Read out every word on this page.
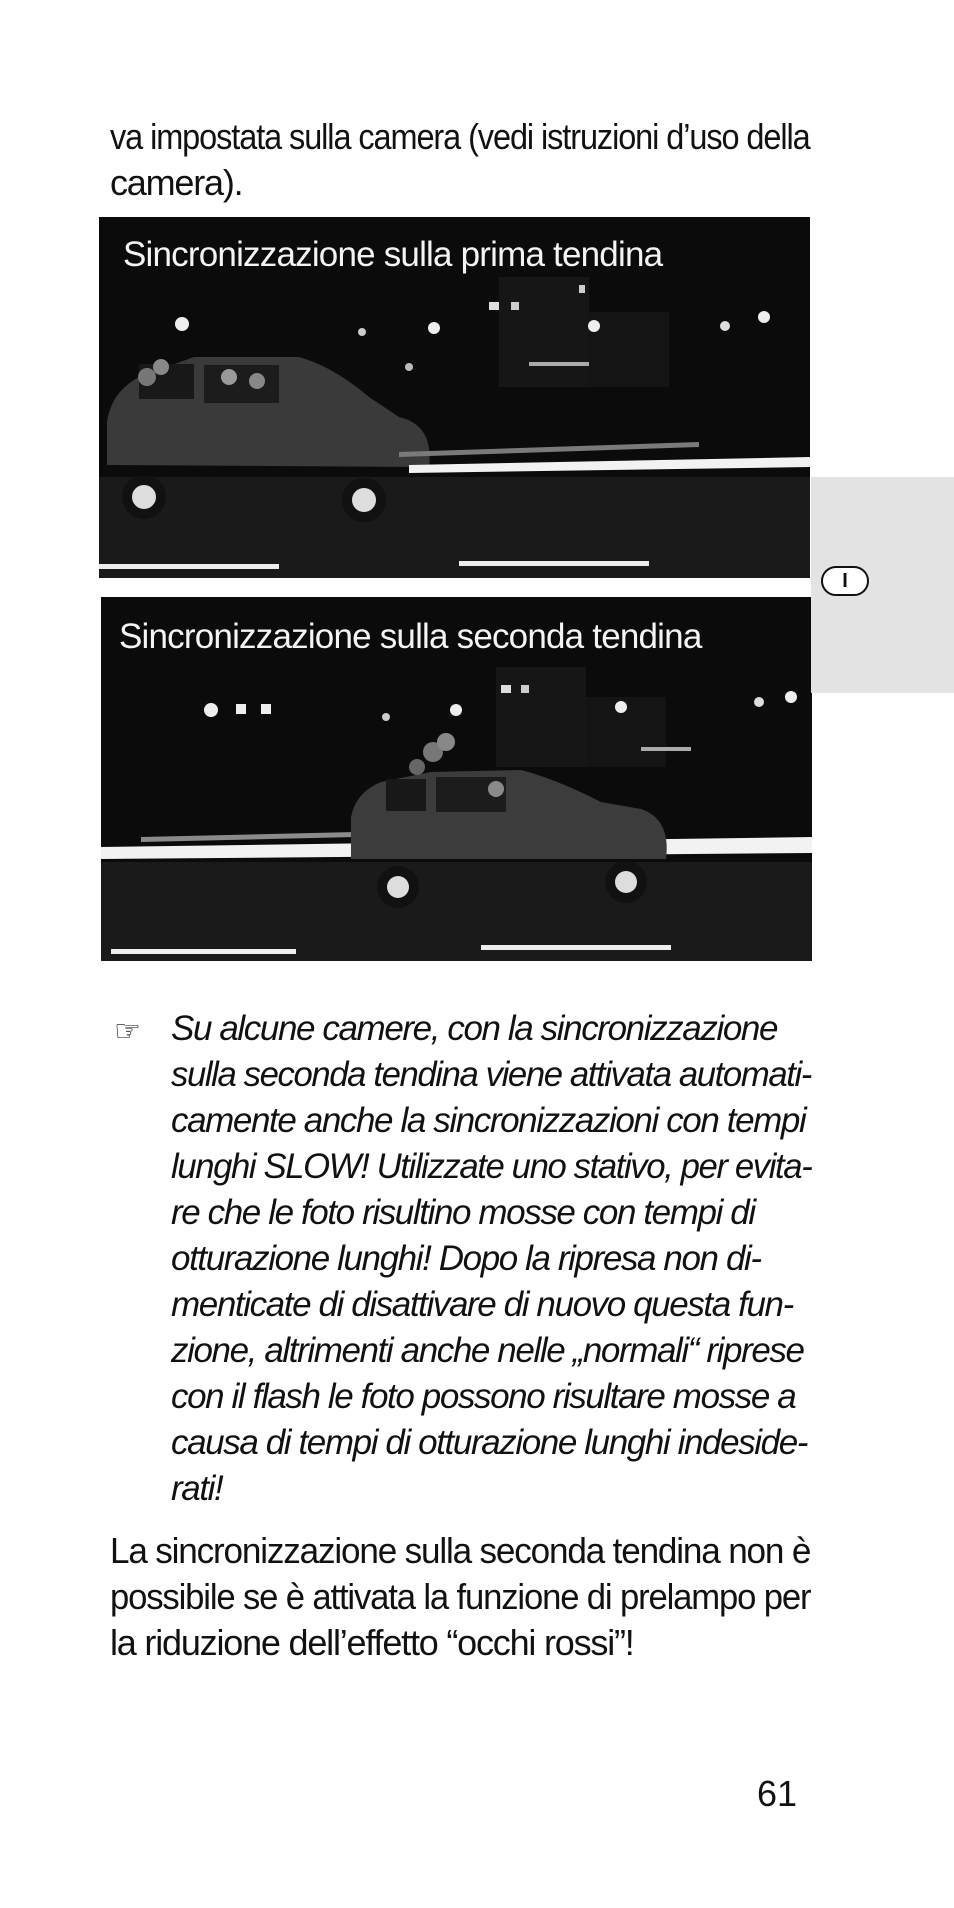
va impostata sulla camera (vedi istruzioni d’uso della
camera).
Sincronizzazione sulla prima tendina
Sincronizzazione sulla seconda tendina
I
☞ Su alcune camere, con la sincronizzazione
sulla seconda tendina viene attivata automati-
camente anche la sincronizzazioni con tempi
lunghi SLOW! Utilizzate uno stativo, per evita-
re che le foto risultino mosse con tempi di
otturazione lunghi! Dopo la ripresa non di-
menticate di disattivare di nuovo questa fun-
zione, altrimenti anche nelle „normali“ riprese
con il flash le foto possono risultare mosse a
causa di tempi di otturazione lunghi indeside-
rati!
La sincronizzazione sulla seconda tendina non è
possibile se è attivata la funzione di prelampo per
la riduzione dell’effetto “occhi rossi”!
61
